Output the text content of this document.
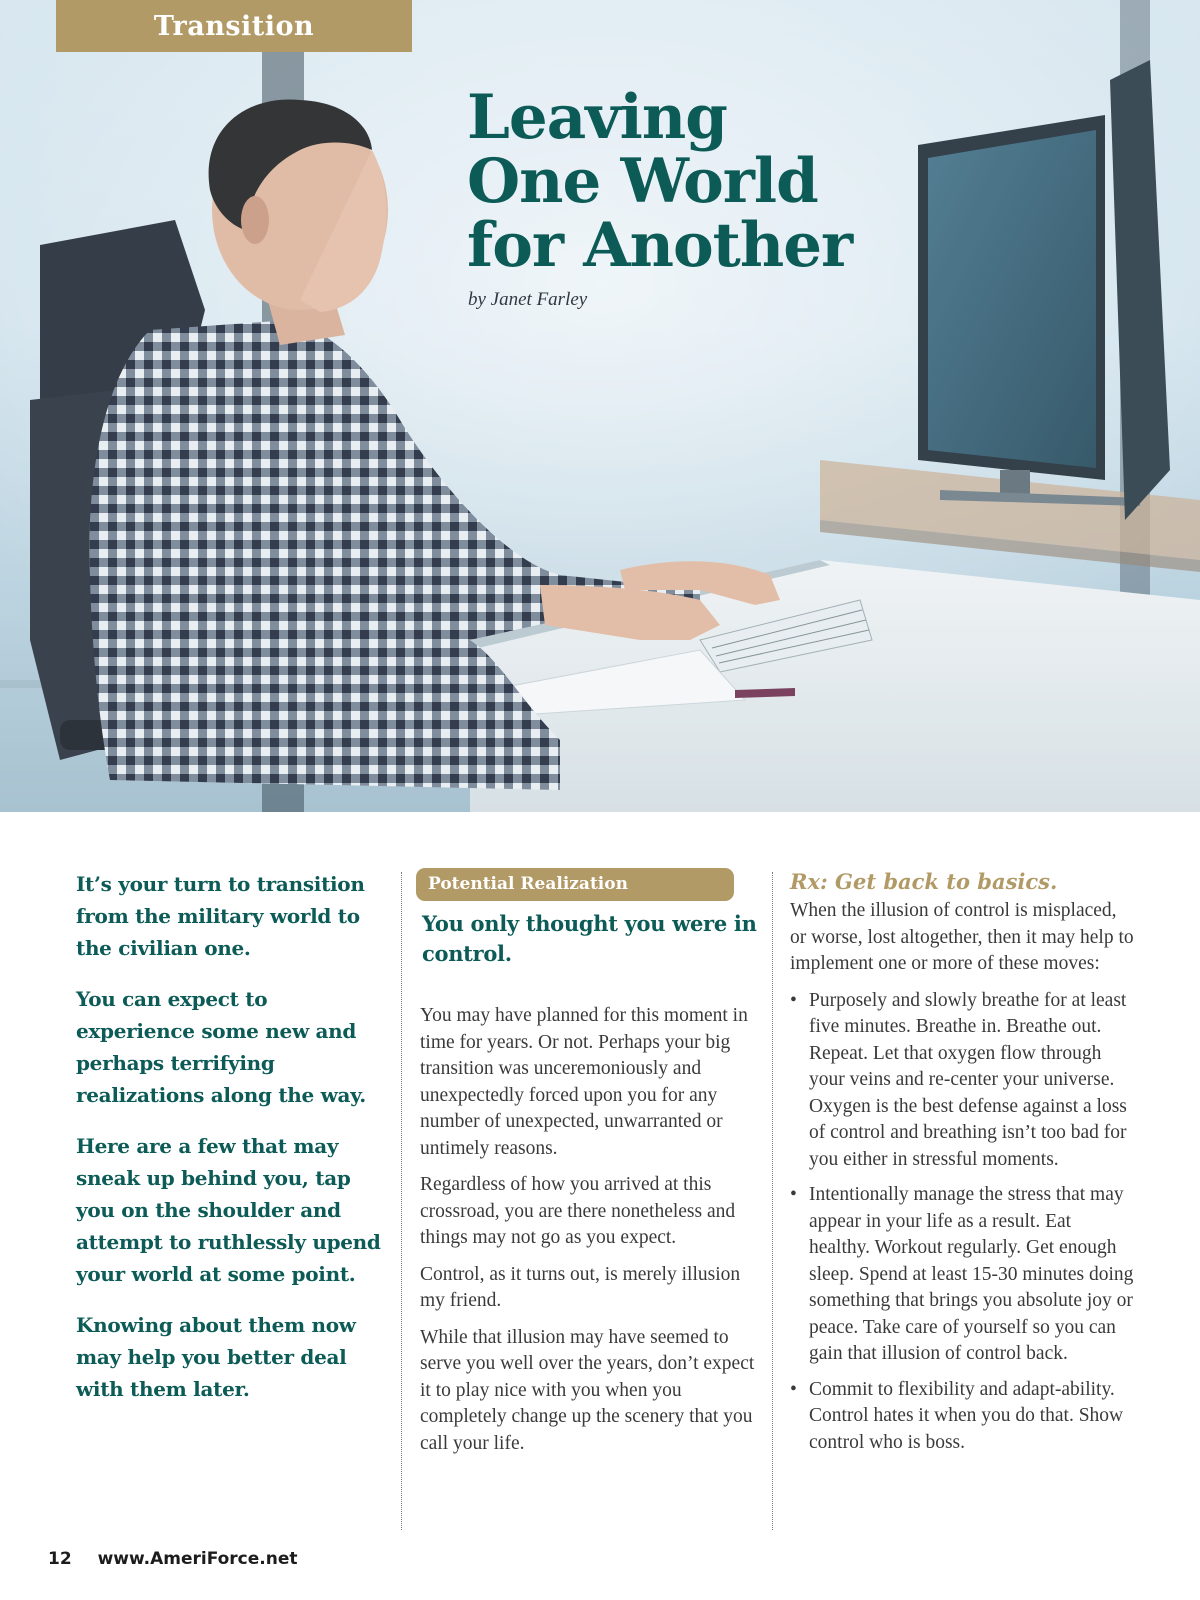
Transition
Leaving
One World
for Another
by Janet Farley

It’s your turn to transition from the military world to the civilian one.

You can expect to experience some new and perhaps terrifying realizations along the way.

Here are a few that may sneak up behind you, tap you on the shoulder and attempt to ruthlessly upend your world at some point.

Knowing about them now may help you better deal with them later.

Potential Realization
You only thought you were in control.

You may have planned for this moment in time for years. Or not. Perhaps your big transition was unceremoniously and unexpectedly forced upon you for any number of unexpected, unwarranted or untimely reasons.

Regardless of how you arrived at this crossroad, you are there nonetheless and things may not go as you expect.

Control, as it turns out, is merely illusion my friend.

While that illusion may have seemed to serve you well over the years, don’t expect it to play nice with you when you completely change up the scenery that you call your life.

Rx: Get back to basics.

When the illusion of control is misplaced, or worse, lost altogether, then it may help to implement one or more of these moves:

• Purposely and slowly breathe for at least five minutes. Breathe in. Breathe out. Repeat. Let that oxygen flow through your veins and re-center your universe. Oxygen is the best defense against a loss of control and breathing isn’t too bad for you either in stressful moments.
• Intentionally manage the stress that may appear in your life as a result. Eat healthy. Workout regularly. Get enough sleep. Spend at least 15-30 minutes doing something that brings you absolute joy or peace. Take care of yourself so you can gain that illusion of control back.
• Commit to flexibility and adapt-ability. Control hates it when you do that. Show control who is boss.
12 www.AmeriForce.net
